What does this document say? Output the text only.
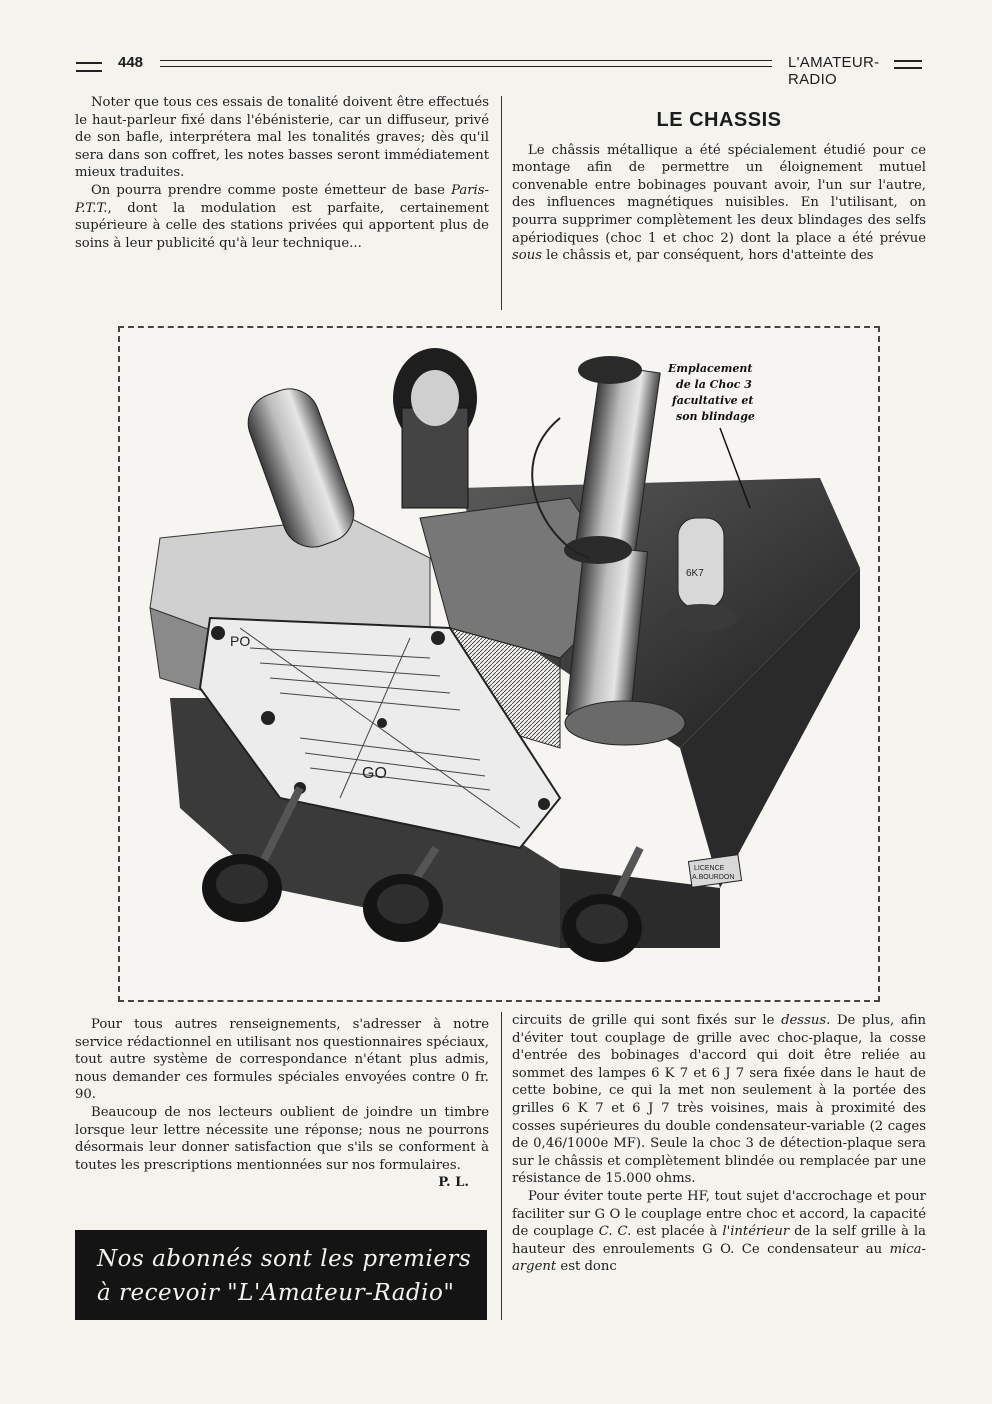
448	L'AMATEUR-RADIO

Noter que tous ces essais de tonalité doivent être effectués le haut-parleur fixé dans l'ébénisterie, car un diffuseur, privé de son bafle, interprétera mal les tonalités graves; dès qu'il sera dans son coffret, les notes basses seront immédiatement mieux traduites.

On pourra prendre comme poste émetteur de base Paris-P.T.T., dont la modulation est parfaite, certainement supérieure à celle des stations privées qui apportent plus de soins à leur publicité qu'à leur technique...

LE CHASSIS

Le châssis métallique a été spécialement étudié pour ce montage afin de permettre un éloignement mutuel convenable entre bobinages pouvant avoir, l'un sur l'autre, des influences magnétiques nuisibles. En l'utilisant, on pourra supprimer complètement les deux blindages des selfs apériodiques (choc 1 et choc 2) dont la place a été prévue sous le châssis et, par conséquent, hors d'atteinte des

PO
GO
6K7
LICENCE
A.BOURDON
Emplacement
de la Choc 3
facultative et
son blindage

Pour tous autres renseignements, s'adresser à notre service rédactionnel en utilisant nos questionnaires spéciaux, tout autre système de correspondance n'étant plus admis, nous demander ces formules spéciales envoyées contre 0 fr. 90.

Beaucoup de nos lecteurs oublient de joindre un timbre lorsque leur lettre nécessite une réponse; nous ne pourrons désormais leur donner satisfaction que s'ils se conforment à toutes les prescriptions mentionnées sur nos formulaires.
P. L.

Nos abonnés sont les premiers
à recevoir "L'Amateur-Radio"

circuits de grille qui sont fixés sur le dessus. De plus, afin d'éviter tout couplage de grille avec choc-plaque, la cosse d'entrée des bobinages d'accord qui doit être reliée au sommet des lampes 6 K 7 et 6 J 7 sera fixée dans le haut de cette bobine, ce qui la met non seulement à la portée des grilles 6 K 7 et 6 J 7 très voisines, mais à proximité des cosses supérieures du double condensateur-variable (2 cages de 0,46/1000e MF). Seule la choc 3 de détection-plaque sera sur le châssis et complètement blindée ou remplacée par une résistance de 15.000 ohms.

Pour éviter toute perte HF, tout sujet d'accrochage et pour faciliter sur G O le couplage entre choc et accord, la capacité de couplage C. C. est placée à l'intérieur de la self grille à la hauteur des enroulements G O. Ce condensateur au mica-argent est donc
